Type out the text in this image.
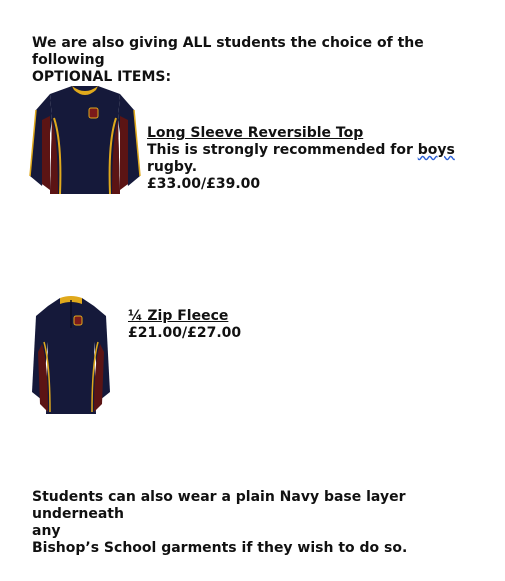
We are also giving ALL students the choice of the following
OPTIONAL ITEMS:
Long Sleeve Reversible Top
This is strongly recommended for boys rugby.
£33.00/£39.00
¼ Zip Fleece
£21.00/£27.00
Students can also wear a plain Navy base layer underneath
any
Bishop’s School garments if they wish to do so.
